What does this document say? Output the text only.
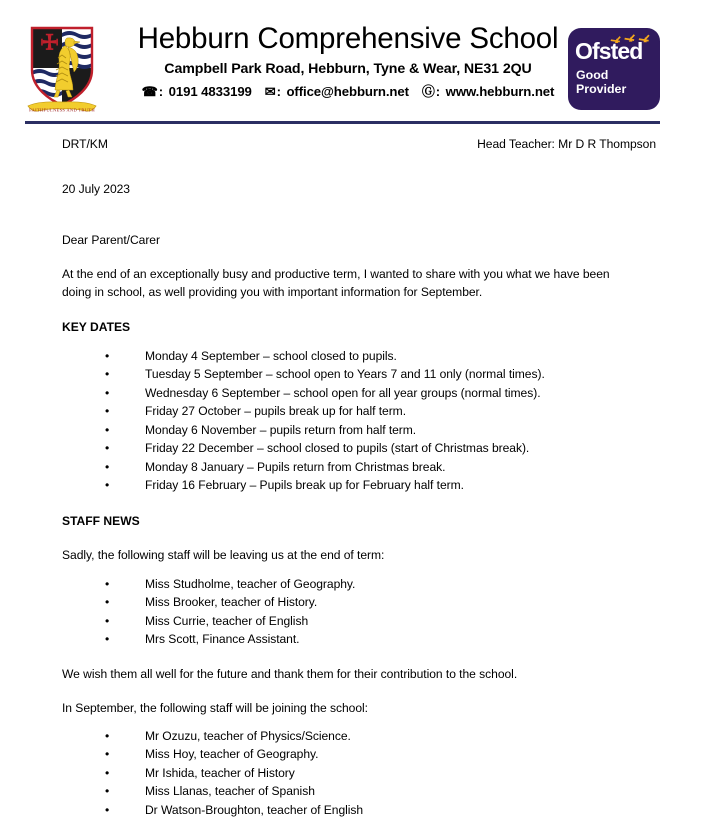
FAITHFULNESS AND TRUTH
Hebburn Comprehensive School
Campbell Park Road, Hebburn, Tyne & Wear, NE31 2QU
☎ :
0191 4833199 ✉ :
office@hebburn.net Ⓖ :
www.hebburn.net
Ofsted
Good
Provider
DRT/KM	Head Teacher: Mr D R Thompson
20 July 2023
Dear Parent/Carer
At the end of an exceptionally busy and productive term, I wanted to share with you what we have been doing in school, as well providing you with important information for September.
KEY DATES
•	Monday 4 September – school closed to pupils.
•	Tuesday 5 September – school open to Years 7 and 11 only (normal times).
•	Wednesday 6 September – school open for all year groups (normal times).
•	Friday 27 October – pupils break up for half term.
•	Monday 6 November – pupils return from half term.
•	Friday 22 December – school closed to pupils (start of Christmas break).
•	Monday 8 January – Pupils return from Christmas break.
•	Friday 16 February – Pupils break up for February half term.
STAFF NEWS
Sadly, the following staff will be leaving us at the end of term:
•	Miss Studholme, teacher of Geography.
•	Miss Brooker, teacher of History.
•	Miss Currie, teacher of English
•	Mrs Scott, Finance Assistant.
We wish them all well for the future and thank them for their contribution to the school.
In September, the following staff will be joining the school:
•	Mr Ozuzu, teacher of Physics/Science.
•	Miss Hoy, teacher of Geography.
•	Mr Ishida, teacher of History
•	Miss Llanas, teacher of Spanish
•	Dr Watson-Broughton, teacher of English
